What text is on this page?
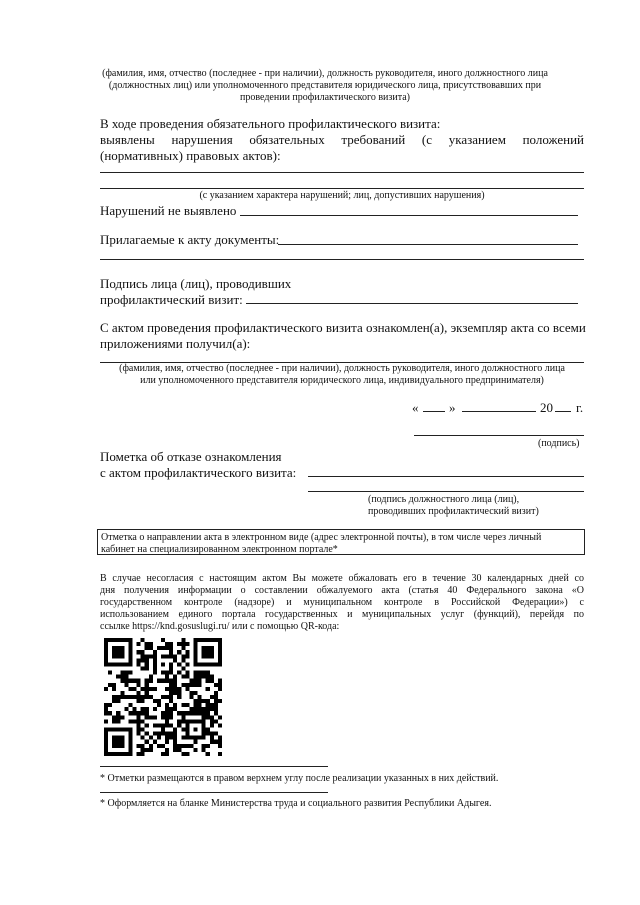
(фамилия, имя, отчество (последнее - при наличии), должность руководителя, иного должностного лица
(должностных лиц) или уполномоченного представителя юридического лица, присутствовавших при
проведении профилактического визита)
В ходе проведения обязательного профилактического визита:
выявлены нарушения обязательных требований (с указанием положений
(нормативных) правовых актов):
(с указанием характера нарушений; лиц, допустивших нарушения)
Нарушений не выявлено
Прилагаемые к акту документы:
Подпись лица (лиц), проводивших
профилактический визит:
С актом проведения профилактического визита ознакомлен(а), экземпляр акта со всеми
приложениями получил(а):
(фамилия, имя, отчество (последнее - при наличии), должность руководителя, иного должностного лица
или уполномоченного представителя юридического лица, индивидуального предпринимателя)
« »	20 г.
(подпись)
Пометка об отказе ознакомления
с актом профилактического визита:
(подпись должностного лица (лиц),
проводивших профилактический визит)
Отметка о направлении акта в электронном виде (адрес электронной почты), в том числе через личный
кабинет на специализированном электронном портале*
В случае несогласия с настоящим актом Вы можете обжаловать его в течение 30 календарных дней со
дня получения информации о составлении обжалуемого акта (статья 40 Федерального закона «О
государственном контроле (надзоре) и муниципальном контроле в Российской Федерации») с
использованием единого портала государственных и муниципальных услуг (функций), перейдя по
ссылке https://knd.gosuslugi.ru/ или с помощью QR-кода:
* Отметки размещаются в правом верхнем углу после реализации указанных в них действий.
* Оформляется на бланке Министерства труда и социального развития Республики Адыгея.
